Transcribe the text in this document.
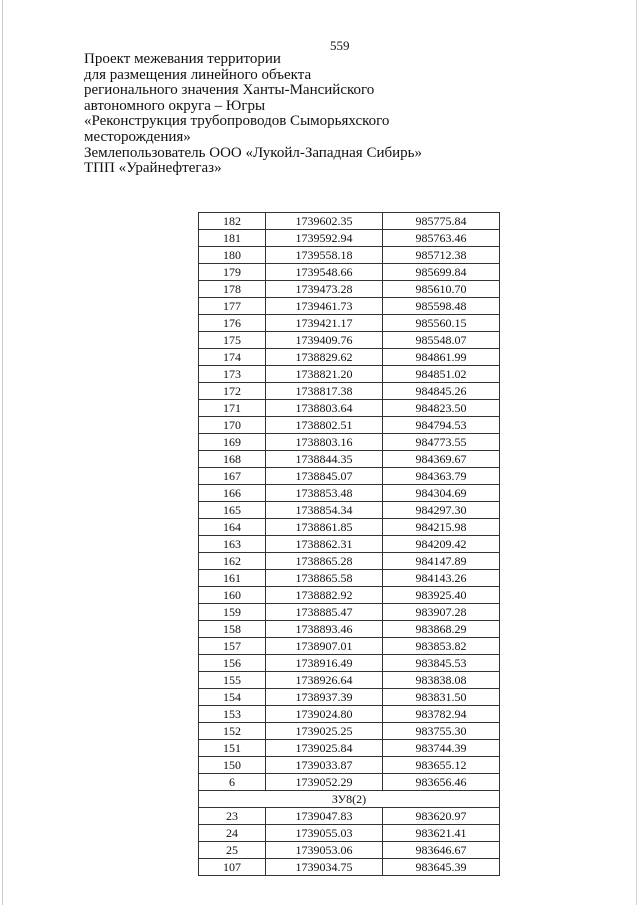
559
Проект межевания территории
для размещения линейного объекта
регионального значения Ханты-Мансийского
автономного округа – Югры
«Реконструкция трубопроводов Сыморьяхского
месторождения»
Землепользователь ООО «Лукойл-Западная Сибирь»
ТПП «Урайнефтегаз»
182	1739602.35	985775.84
181	1739592.94	985763.46
180	1739558.18	985712.38
179	1739548.66	985699.84
178	1739473.28	985610.70
177	1739461.73	985598.48
176	1739421.17	985560.15
175	1739409.76	985548.07
174	1738829.62	984861.99
173	1738821.20	984851.02
172	1738817.38	984845.26
171	1738803.64	984823.50
170	1738802.51	984794.53
169	1738803.16	984773.55
168	1738844.35	984369.67
167	1738845.07	984363.79
166	1738853.48	984304.69
165	1738854.34	984297.30
164	1738861.85	984215.98
163	1738862.31	984209.42
162	1738865.28	984147.89
161	1738865.58	984143.26
160	1738882.92	983925.40
159	1738885.47	983907.28
158	1738893.46	983868.29
157	1738907.01	983853.82
156	1738916.49	983845.53
155	1738926.64	983838.08
154	1738937.39	983831.50
153	1739024.80	983782.94
152	1739025.25	983755.30
151	1739025.84	983744.39
150	1739033.87	983655.12
6	1739052.29	983656.46
ЗУ8(2)		
23	1739047.83	983620.97
24	1739055.03	983621.41
25	1739053.06	983646.67
107	1739034.75	983645.39
